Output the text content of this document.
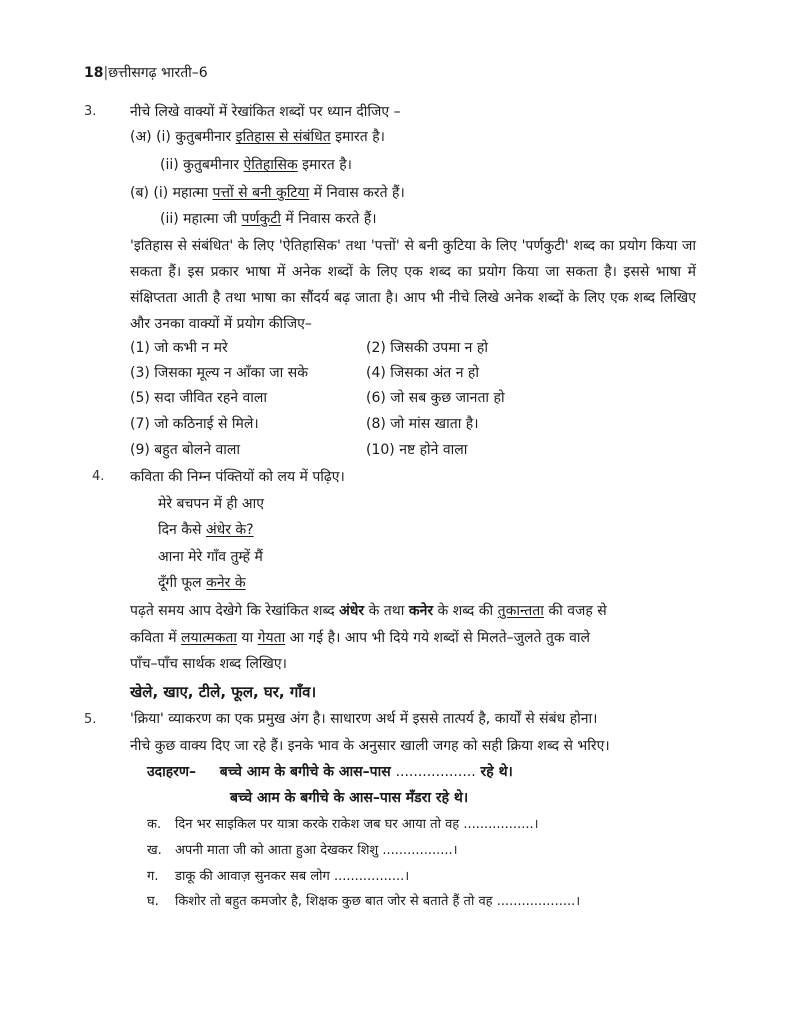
18|छत्तीसगढ़ भारती–6
3. नीचे लिखे वाक्यों में रेखांकित शब्दों पर ध्यान दीजिए –
(अ) (i) कुतुबमीनार इतिहास से संबंधित इमारत है।
(ii) कुतुबमीनार ऐतिहासिक इमारत है।
(ब) (i) महात्मा पत्तों से बनी कुटिया में निवास करते हैं।
(ii) महात्मा जी पर्णकुटी में निवास करते हैं।
'इतिहास से संबंधित' के लिए 'ऐतिहासिक' तथा 'पत्तों' से बनी कुटिया के लिए 'पर्णकुटी' शब्द का प्रयोग किया जा सकता हैं। इस प्रकार भाषा में अनेक शब्दों के लिए एक शब्द का प्रयोग किया जा सकता है। इससे भाषा में संक्षिप्तता आती है तथा भाषा का सौंदर्य बढ़ जाता है। आप भी नीचे लिखे अनेक शब्दों के लिए एक शब्द लिखिए और उनका वाक्यों में प्रयोग कीजिए–
(1) जो कभी न मरे	(2) जिसकी उपमा न हो
(3) जिसका मूल्य न आँका जा सके	(4) जिसका अंत न हो
(5) सदा जीवित रहने वाला	(6) जो सब कुछ जानता हो
(7) जो कठिनाई से मिले।	(8) जो मांस खाता है।
(9) बहुत बोलने वाला	(10) नष्ट होने वाला
4. कविता की निम्न पंक्तियों को लय में पढ़िए।
मेरे बचपन में ही आए
दिन कैसे अंधेर के?
आना मेरे गाँव तुम्हें मैं
दूँगी फूल कनेर के
पढ़ते समय आप देखेगे कि रेखांकित शब्द अंधेर के तथा कनेर के शब्द की तुकान्तता की वजह से
कविता में लयात्मकता या गेयता आ गई है। आप भी दिये गये शब्दों से मिलते–जुलते तुक वाले
पाँच–पाँच सार्थक शब्द लिखिए।
खेले, खाए, टीले, फूल, घर, गाँव।
5. 'क्रिया' व्याकरण का एक प्रमुख अंग है। साधारण अर्थ में इससे तात्पर्य है, कार्यों से संबंध होना।
नीचे कुछ वाक्य दिए जा रहे हैं। इनके भाव के अनुसार खाली जगह को सही क्रिया शब्द से भरिए।
उदाहरण– बच्चे आम के बगीचे के आस–पास .................. रहे थे।
बच्चे आम के बगीचे के आस–पास मँडरा रहे थे।
क. दिन भर साइकिल पर यात्रा करके राकेश जब घर आया तो वह .................।
ख. अपनी माता जी को आता हुआ देखकर शिशु .................।
ग. डाकू की आवाज़ सुनकर सब लोग .................।
घ. किशोर तो बहुत कमजोर है, शिक्षक कुछ बात जोर से बताते हैं तो वह ...................।
